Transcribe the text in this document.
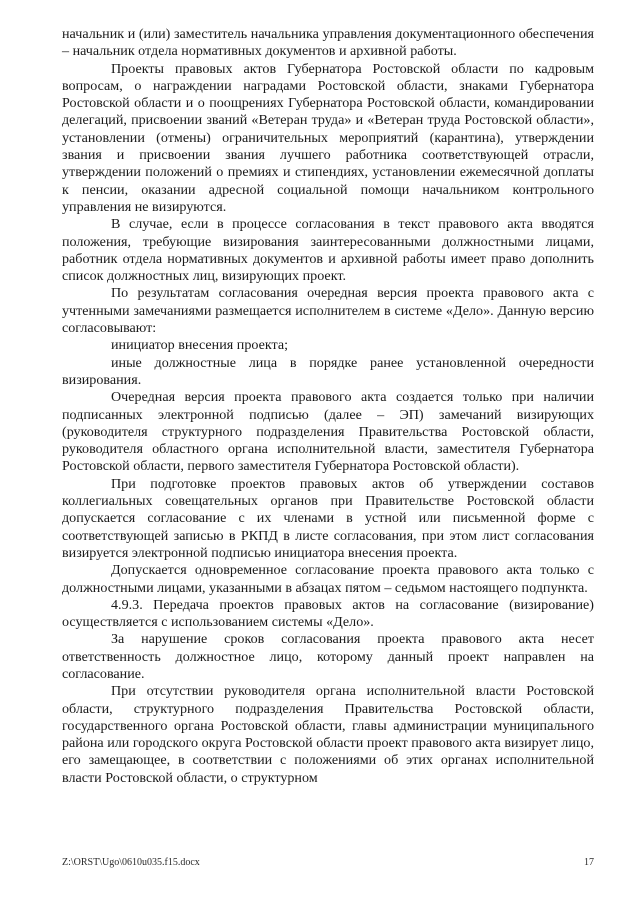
начальник и (или) заместитель начальника управления документационного обеспечения – начальник отдела нормативных документов и архивной работы.

Проекты правовых актов Губернатора Ростовской области по кадровым вопросам, о награждении наградами Ростовской области, знаками Губернатора Ростовской области и о поощрениях Губернатора Ростовской области, командировании делегаций, присвоении званий «Ветеран труда» и «Ветеран труда Ростовской области», установлении (отмены) ограничительных мероприятий (карантина), утверждении звания и присвоении звания лучшего работника соответствующей отрасли, утверждении положений о премиях и стипендиях, установлении ежемесячной доплаты к пенсии, оказании адресной социальной помощи начальником контрольного управления не визируются.

В случае, если в процессе согласования в текст правового акта вводятся положения, требующие визирования заинтересованными должностными лицами, работник отдела нормативных документов и архивной работы имеет право дополнить список должностных лиц, визирующих проект.

По результатам согласования очередная версия проекта правового акта с учтенными замечаниями размещается исполнителем в системе «Дело». Данную версию согласовывают:

инициатор внесения проекта;

иные должностные лица в порядке ранее установленной очередности визирования.

Очередная версия проекта правового акта создается только при наличии подписанных электронной подписью (далее – ЭП) замечаний визирующих (руководителя структурного подразделения Правительства Ростовской области, руководителя областного органа исполнительной власти, заместителя Губернатора Ростовской области, первого заместителя Губернатора Ростовской области).

При подготовке проектов правовых актов об утверждении составов коллегиальных совещательных органов при Правительстве Ростовской области допускается согласование с их членами в устной или письменной форме с соответствующей записью в РКПД в листе согласования, при этом лист согласования визируется электронной подписью инициатора внесения проекта.

Допускается одновременное согласование проекта правового акта только с должностными лицами, указанными в абзацах пятом – седьмом настоящего подпункта.

4.9.3. Передача проектов правовых актов на согласование (визирование) осуществляется с использованием системы «Дело».

За нарушение сроков согласования проекта правового акта несет ответственность должностное лицо, которому данный проект направлен на согласование.

При отсутствии руководителя органа исполнительной власти Ростовской области, структурного подразделения Правительства Ростовской области, государственного органа Ростовской области, главы администрации муниципального района или городского округа Ростовской области проект правового акта визирует лицо, его замещающее, в соответствии с положениями об этих органах исполнительной власти Ростовской области, о структурном

Z:\ORST\Ugo\0610u035.f15.docx	17
